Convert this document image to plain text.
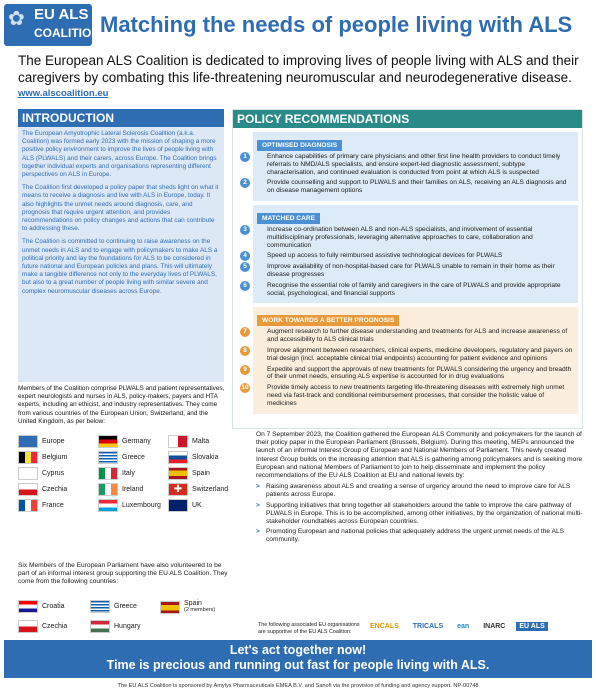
✿ EU ALS
COALITION Matching the needs of people living with ALS
The European ALS Coalition is dedicated to improving lives of people living with ALS and their caregivers by combating this life-threatening neuromuscular and neurodegenerative disease.
www.alscoalition.eu
INTRODUCTION

The European Amyotrophic Lateral Sclerosis Coalition (a.k.a. Coalition) was formed early 2023 with the mission of shaping a more positive policy environment to improve the lives of people living with ALS (PLWALS) and their carers, across Europe. The Coalition brings together individual experts and organisations representing different perspectives on ALS in Europe.

The Coalition first developed a policy paper that sheds light on what it means to receive a diagnosis and live with ALS in Europe, today. It also highlights the unmet needs around diagnosis, care, and prognosis that require urgent attention, and provides recommendations on policy changes and actions that can contribute to addressing these.

The Coalition is committed to continuing to raise awareness on the unmet needs in ALS and to engage with policymakers to make ALS a political priority and lay the foundations for ALS to be considered in future national and European policies and plans. This will ultimately make a tangible difference not only to the everyday lives of PLWALS, but also to a great number of people living with similar severe and complex neuromuscular diseases across Europe.

Members of the Coalition comprise PLWALS and patient representatives, expert neurologists and nurses in ALS, policy-makers, payers and HTA experts, including an ethicist, and industry representatives. They come from various countries of the European Union, Switzerland, and the United Kingdom, as per below:
Europe	Germany	Malta
Belgium	Greece	Slovakia
Cyprus	Italy	Spain
Czechia	Ireland	✚	Switzerland
France	Luxembourg	UK
Six Members of the European Parliament have also volunteered to be part of an informal interest group supporting the EU ALS Coalition. They come from the following countries:
Croatia	Greece	Spain
(2 members)
Czechia	Hungary
POLICY RECOMMENDATIONS
OPTIMISED DIAGNOSIS
1	Enhance capabilities of primary care physicians and other first line health providers to conduct timely referrals to NMD/ALS specialists, and ensure expert-led diagnostic assessment, subtype characterisation, and continued evaluation is conducted from point at which ALS is suspected
2	Provide counselling and support to PLWALS and their families on ALS, receiving an ALS diagnosis and on disease management options
MATCHED CARE
3	Increase co-ordination between ALS and non-ALS specialists, and involvement of essential multidisciplinary professionals, leveraging alternative approaches to care, collaboration and communication
4	Speed up access to fully reimbursed assistive technological devices for PLWALS
5	Improve availability of non-hospital-based care for PLWALS unable to remain in their home as their disease progresses
6	Recognise the essential role of family and caregivers in the care of PLWALS and provide appropriate social, psychological, and financial supports
WORK TOWARDS A BETTER PROGNOSIS
7	Augment research to further disease understanding and treatments for ALS and increase awareness of and accessibility to ALS clinical trials
8	Improve alignment between researchers, clinical experts, medicine developers, regulatory and payers on trial design (incl. acceptable clinical trial endpoints) accounting for patient evidence and opinions
9	Expedite and support the approvals of new treatments for PLWALS considering the urgency and breadth of their unmet needs, ensuring ALS expertise is accounted for in drug evaluations
10	Provide timely access to new treatments targeting life-threatening diseases with extremely high unmet need via fast-track and conditional reimbursement processes, that consider the holistic value of medicines
On 7 September 2023, the Coalition gathered the European ALS Community and policymakers for the launch of their policy paper in the European Parliament (Brussels, Belgium). During this meeting, MEPs announced the launch of an informal Interest Group of European and National Members of Parliament. This newly created Interest Group builds on the increasing attention that ALS is gathering among policymakers and is seeking more European and national Members of Parliament to join to help disseminate and implement the policy recommendations of the EU ALS Coalition at EU and national levels by:
> Raising awareness about ALS and creating a sense of urgency around the need to improve care for ALS patients across Europe.
> Supporting initiatives that bring together all stakeholders around the table to improve the care pathway of PLWALS in Europe. This is to be accomplished, among other initiatives, by the organization of national multi-stakeholder roundtables across European countries.
> Promoting European and national policies that adequately address the urgent unmet needs of the ALS community.
The following associated EU organisations are supportive of the EU ALS Coalition:
ENCALS	TRICALS	ean	INARC	EU ALS
Let's act together now!
Time is precious and running out fast for people living with ALS.
The EU ALS Coalition is sponsored by Amylyx Pharmaceuticals EMEA B.V. and Sanofi via the provision of funding and agency support. NP-00748
